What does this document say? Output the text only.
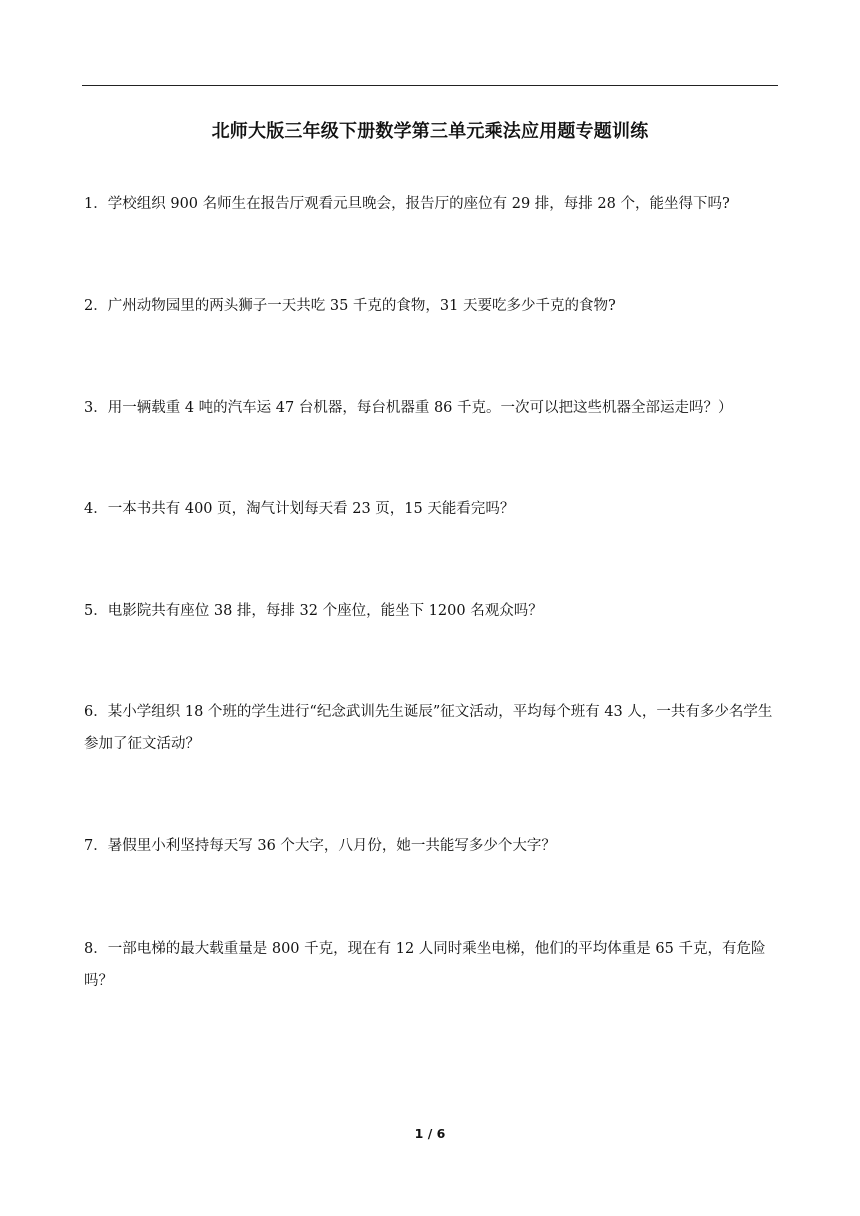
北师大版三年级下册数学第三单元乘法应用题专题训练

1．学校组织 900 名师生在报告厅观看元旦晚会，报告厅的座位有 29 排，每排 28 个，能坐得下吗?

2．广州动物园里的两头狮子一天共吃 35 千克的食物，31 天要吃多少千克的食物?

3．用一辆载重 4 吨的汽车运 47 台机器，每台机器重 86 千克。一次可以把这些机器全部运走吗？）

4．一本书共有 400 页，淘气计划每天看 23 页，15 天能看完吗？

5．电影院共有座位 38 排，每排 32 个座位，能坐下 1200 名观众吗？

6．某小学组织 18 个班的学生进行“纪念武训先生诞辰”征文活动，平均每个班有 43 人，一共有多少名学生参加了征文活动？

7．暑假里小利坚持每天写 36 个大字，八月份，她一共能写多少个大字？

8．一部电梯的最大载重量是 800 千克，现在有 12 人同时乘坐电梯，他们的平均体重是 65 千克，有危险吗？

1 / 6
